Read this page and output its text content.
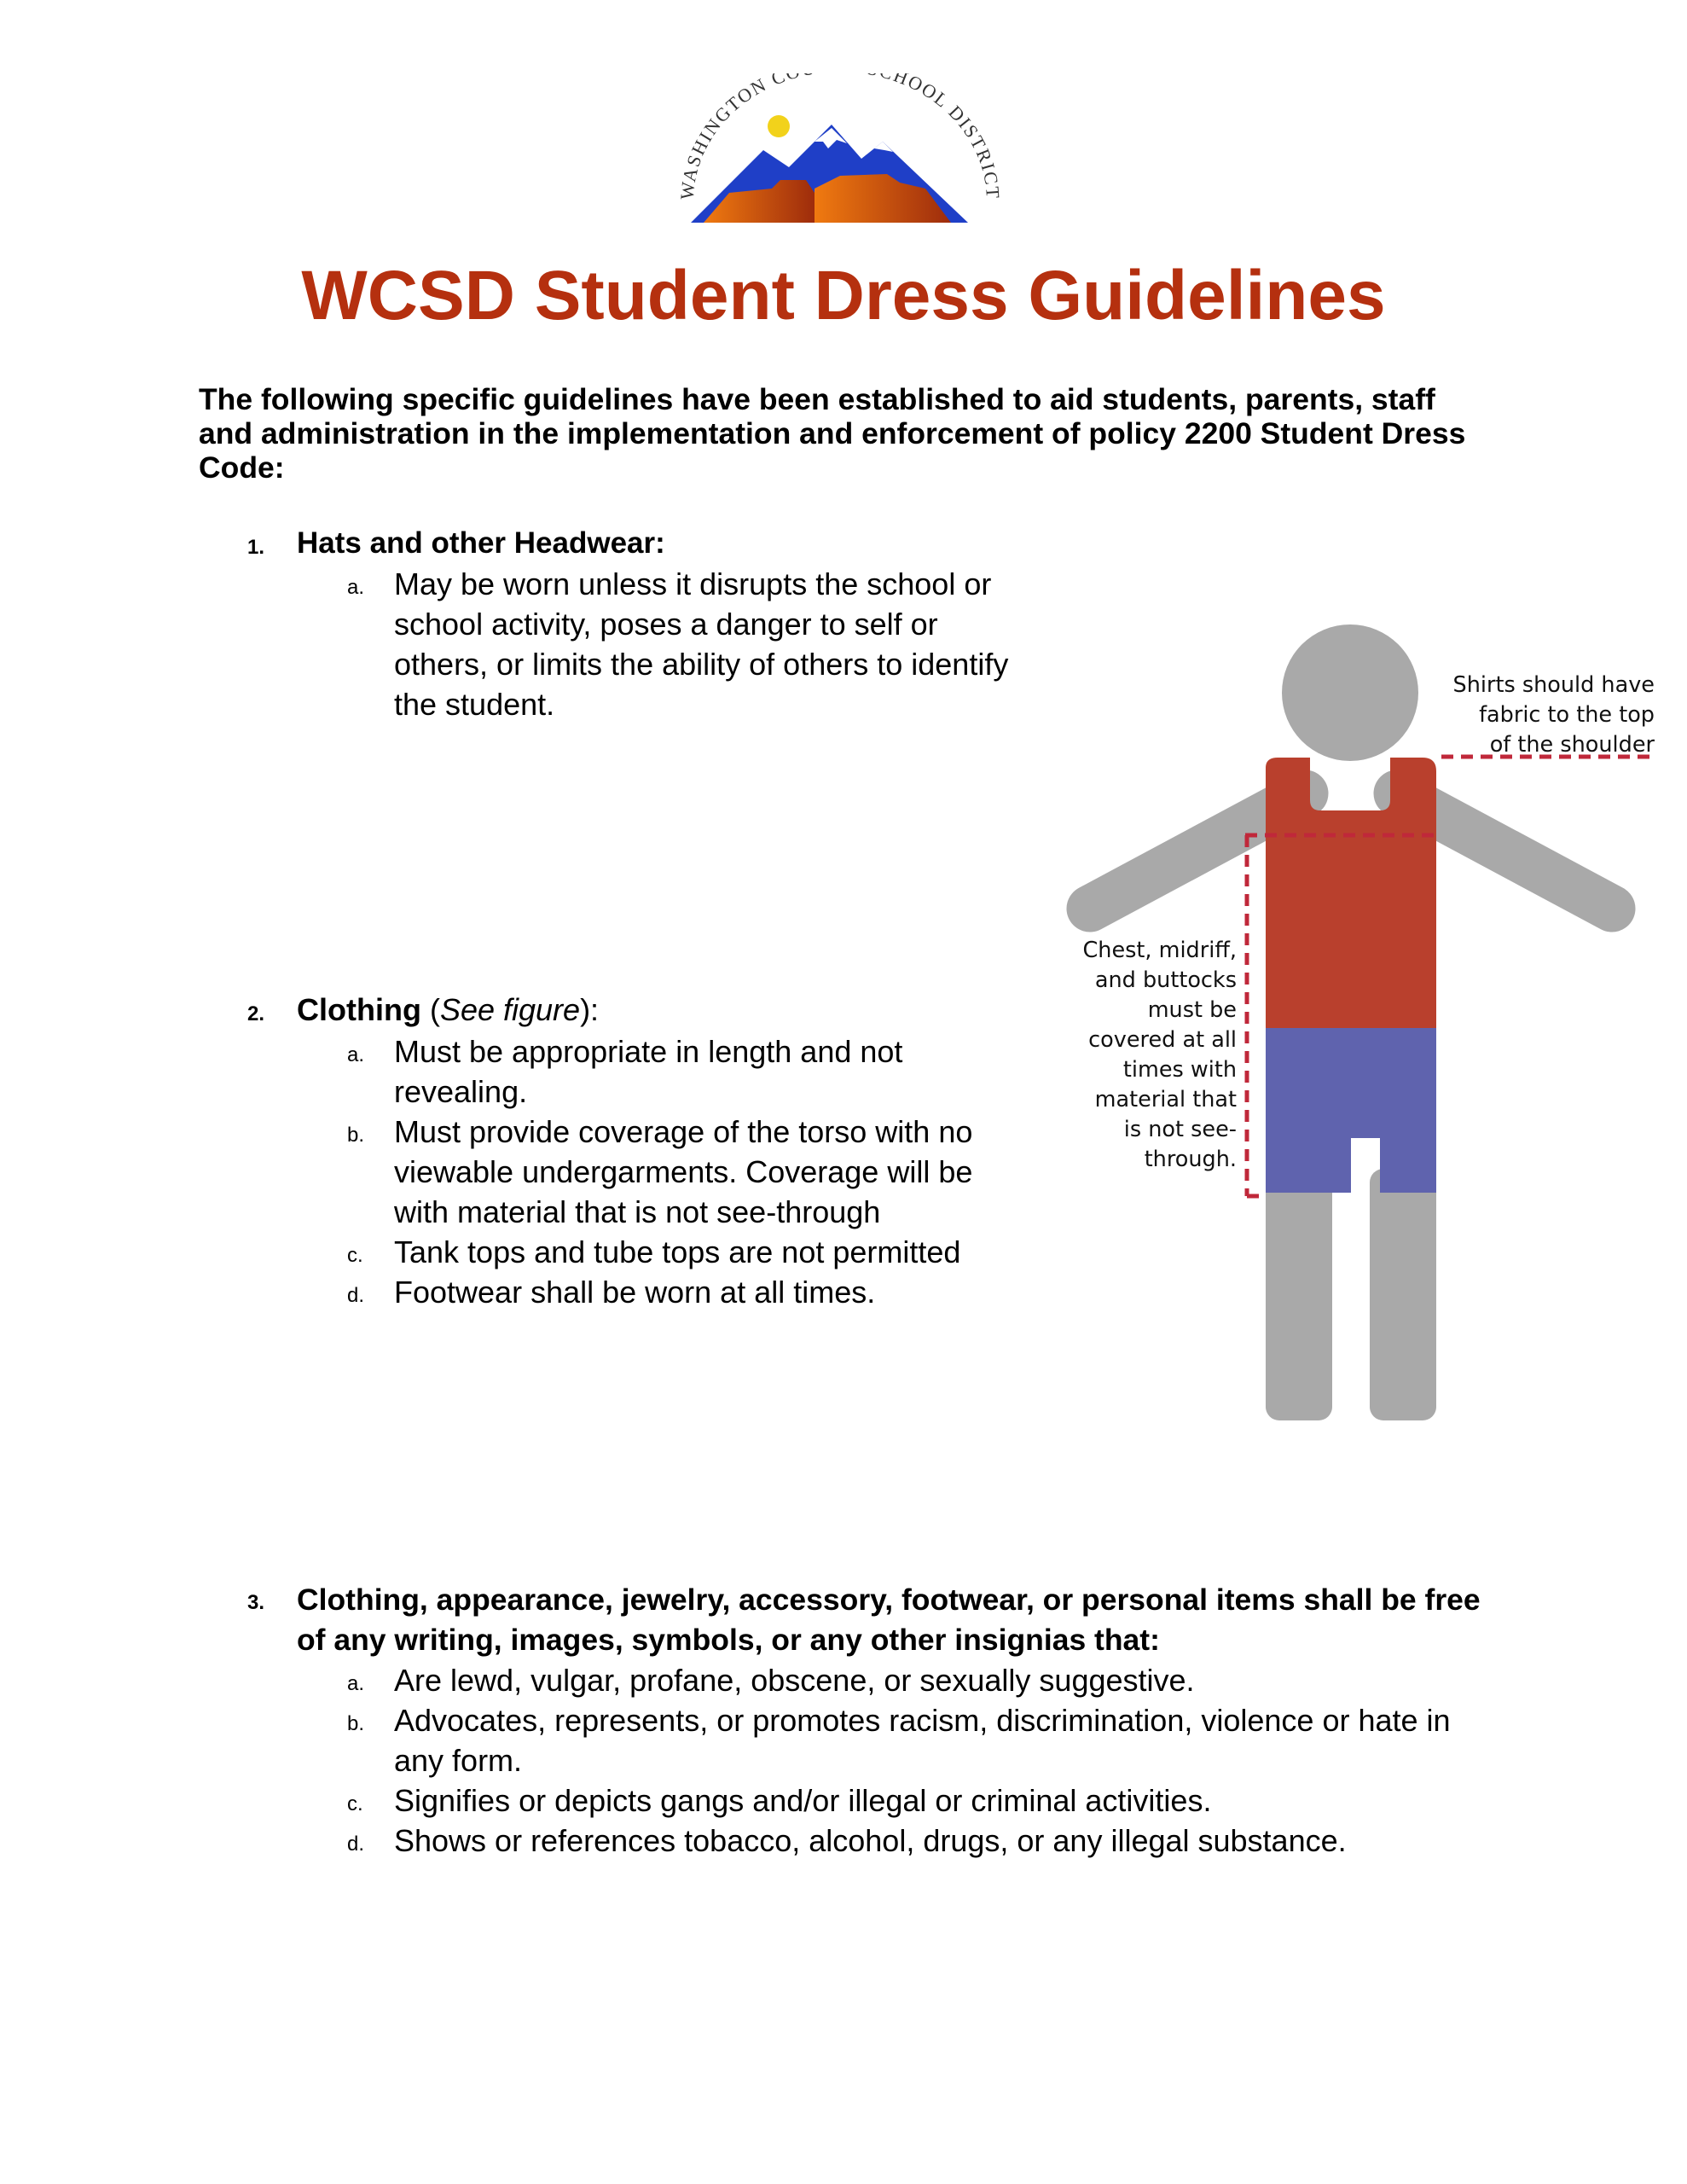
WASHINGTON C HOOL DISTRICT
WCSD Student Dress Guidelines
The following specific guidelines have been established to aid students, parents, staff and administration in the implementation and enforcement of policy 2200 Student Dress Code:
1. Hats and other Headwear:
a. May be worn unless it disrupts the school or
school activity, poses a danger to self or
others, or limits the ability of others to identify
the student.
2. Clothing (See figure):
a. Must be appropriate in length and not
revealing.
b. Must provide coverage of the torso with no
viewable undergarments. Coverage will be
with material that is not see-through
c. Tank tops and tube tops are not permitted
d. Footwear shall be worn at all times.
3. Clothing, appearance, jewelry, accessory, footwear, or personal items shall be free
of any writing, images, symbols, or any other insignias that:
a. Are lewd, vulgar, profane, obscene, or sexually suggestive.
b. Advocates, represents, or promotes racism, discrimination, violence or hate in
any form.
c. Signifies or depicts gangs and/or illegal or criminal activities.
d. Shows or references tobacco, alcohol, drugs, or any illegal substance.
Shirts should have
fabric to the top
of the shoulder
Chest, midriff,
and buttocks
must be
covered at all
times with
material that
is not see-
through.
